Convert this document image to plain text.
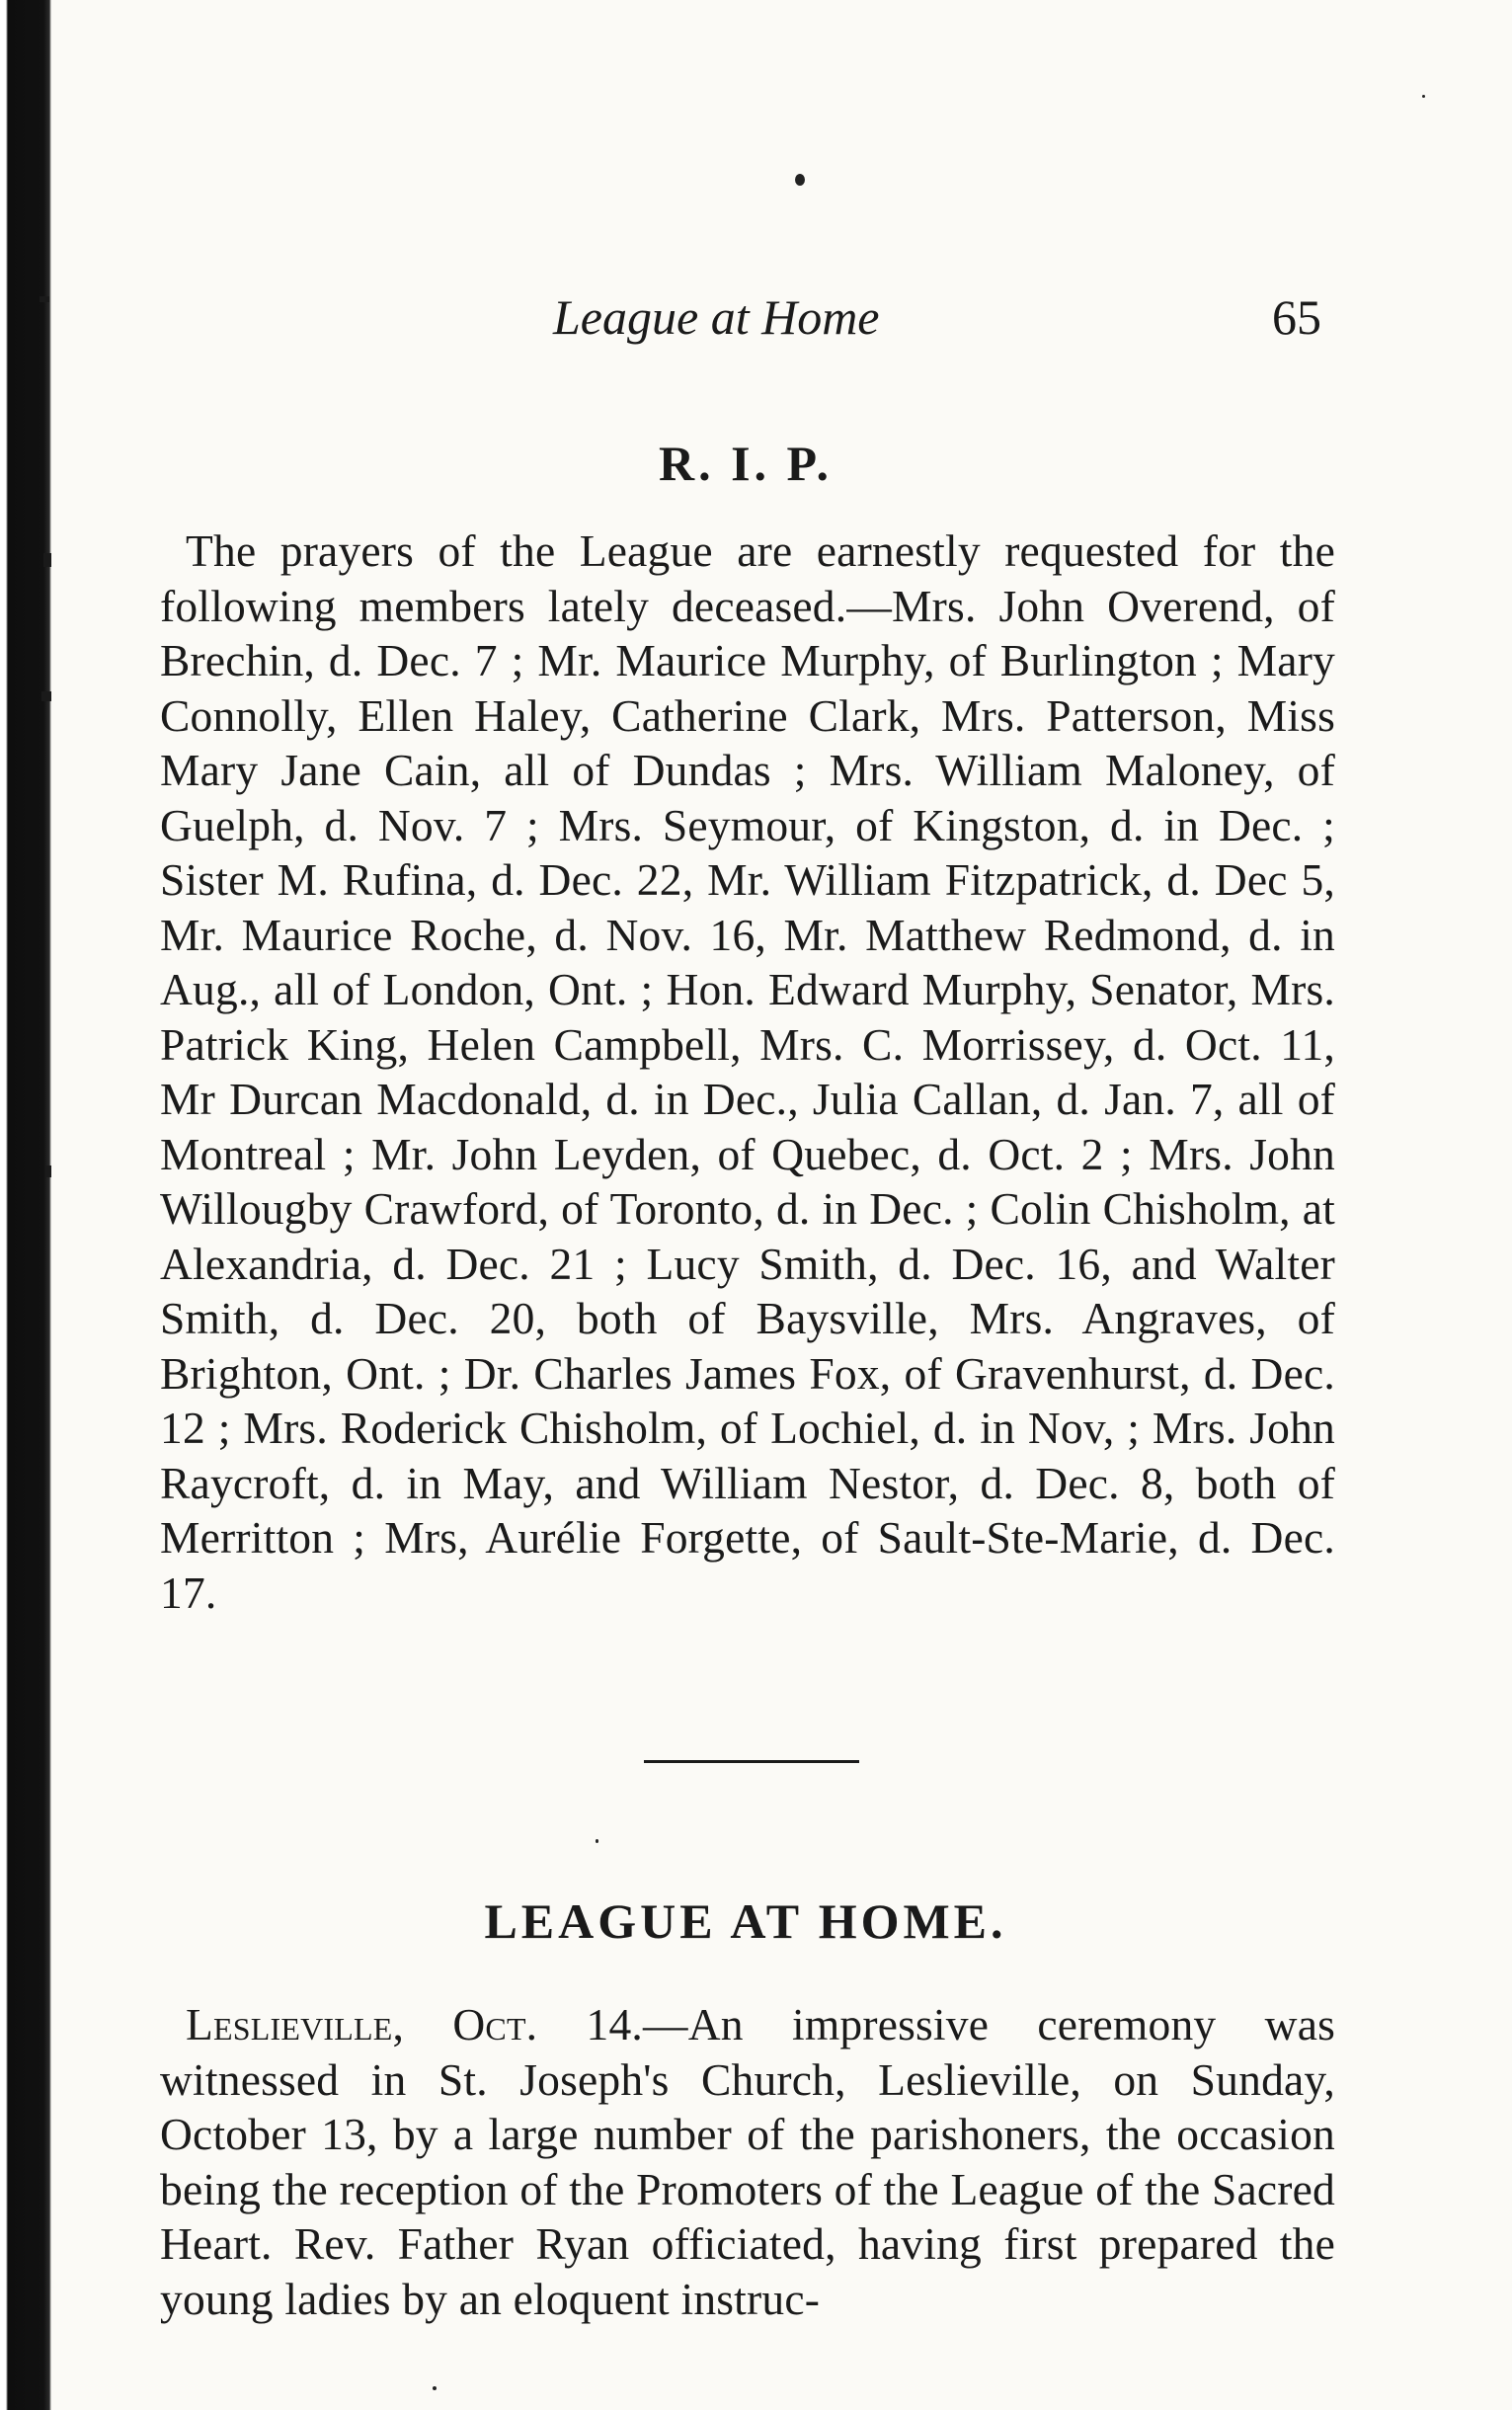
League at Home	65
R. I. P.

The prayers of the League are earnestly requested for the following members lately deceased.—Mrs. John Overend, of Brechin, d. Dec. 7 ; Mr. Maurice Murphy, of Burlington ; Mary Connolly, Ellen Haley, Catherine Clark, Mrs. Patterson, Miss Mary Jane Cain, all of Dundas ; Mrs. William Maloney, of Guelph, d. Nov. 7 ; Mrs. Seymour, of Kingston, d. in Dec. ; Sister M. Rufina, d. Dec. 22, Mr. William Fitzpatrick, d. Dec 5, Mr. Maurice Roche, d. Nov. 16, Mr. Matthew Redmond, d. in Aug., all of London, Ont. ; Hon. Edward Murphy, Senator, Mrs. Patrick King, Helen Campbell, Mrs. C. Morrissey, d. Oct. 11, Mr Durcan Macdonald, d. in Dec., Julia Callan, d. Jan. 7, all of Montreal ; Mr. John Leyden, of Quebec, d. Oct. 2 ; Mrs. John Willougby Crawford, of Toronto, d. in Dec. ; Colin Chisholm, at Alexandria, d. Dec. 21 ; Lucy Smith, d. Dec. 16, and Walter Smith, d. Dec. 20, both of Baysville, Mrs. Angraves, of Brighton, Ont. ; Dr. Charles James Fox, of Gravenhurst, d. Dec. 12 ; Mrs. Roderick Chisholm, of Lochiel, d. in Nov, ; Mrs. John Raycroft, d. in May, and William Nestor, d. Dec. 8, both of Merritton ; Mrs, Aurélie Forgette, of Sault-Ste-Marie, d. Dec. 17.

LEAGUE AT HOME.

Leslieville, Oct. 14.—An impressive ceremony was witnessed in St. Joseph's Church, Leslieville, on Sunday, October 13, by a large number of the parishoners, the occasion being the reception of the Promoters of the League of the Sacred Heart. Rev. Father Ryan officiated, having first prepared the young ladies by an eloquent instruc-
